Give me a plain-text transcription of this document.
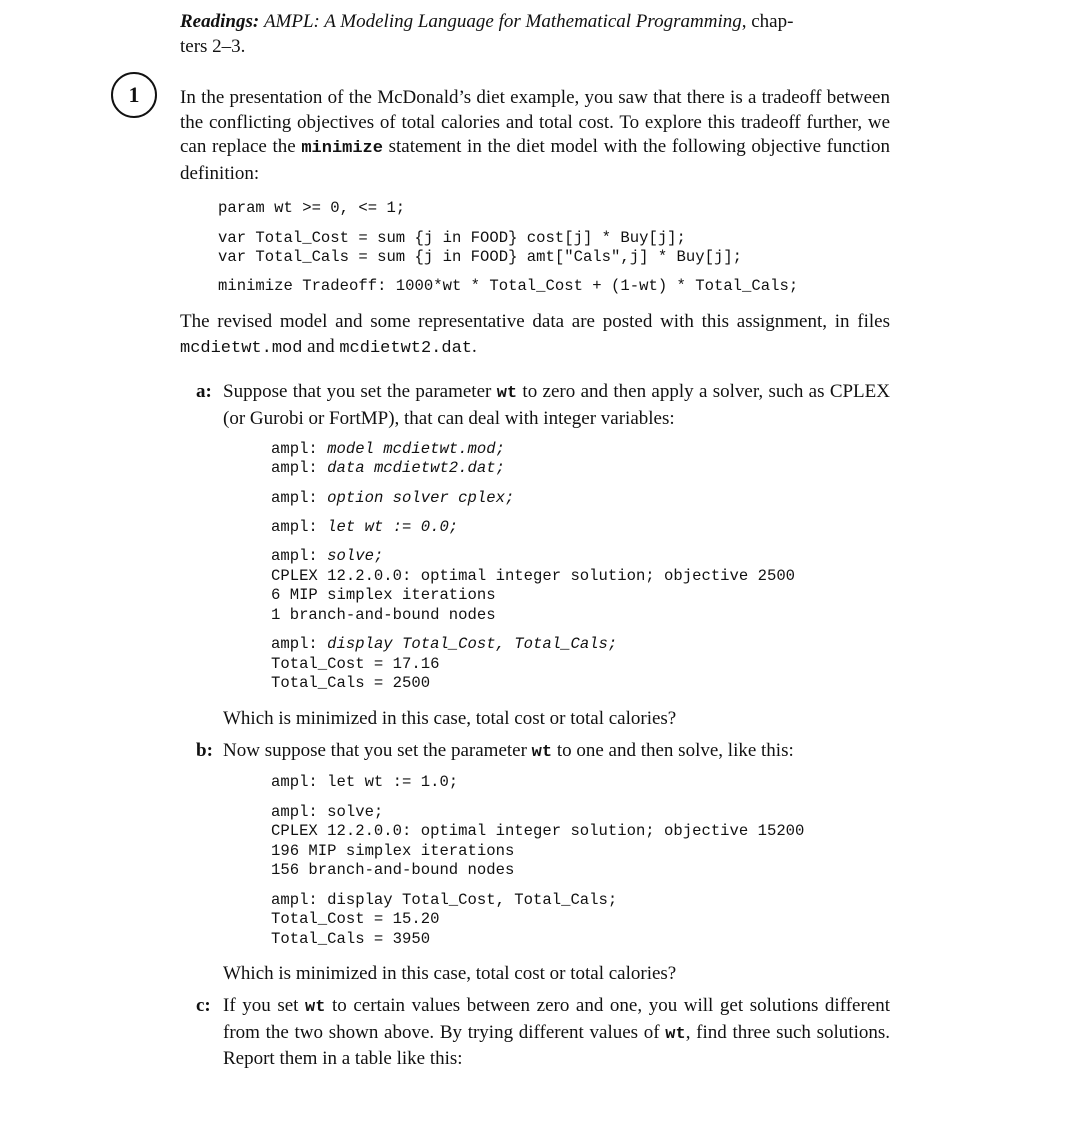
Readings: AMPL: A Modeling Language for Mathematical Programming, chap-
ters 2–3.
1	In the presentation of the McDonald’s diet example, you saw that there is a tradeoff between the conflicting objectives of total calories and total cost. To explore this tradeoff further, we can replace the minimize statement in the diet model with the following objective function definition:
param wt >= 0, <= 1;
var Total_Cost = sum {j in FOOD} cost[j] * Buy[j];
var Total_Cals = sum {j in FOOD} amt["Cals",j] * Buy[j];
minimize Tradeoff: 1000*wt * Total_Cost + (1-wt) * Total_Cals;
The revised model and some representative data are posted with this assignment, in files mcdietwt.mod and mcdietwt2.dat.
a: Suppose that you set the parameter wt to zero and then apply a solver, such as CPLEX (or Gurobi or FortMP), that can deal with integer variables:
ampl: model mcdietwt.mod;
ampl: data mcdietwt2.dat;
ampl: option solver cplex;
ampl: let wt := 0.0;
ampl: solve;
CPLEX 12.2.0.0: optimal integer solution; objective 2500
6 MIP simplex iterations
1 branch-and-bound nodes
ampl: display Total_Cost, Total_Cals;
Total_Cost = 17.16
Total_Cals = 2500
Which is minimized in this case, total cost or total calories?
b: Now suppose that you set the parameter wt to one and then solve, like this:
ampl: let wt := 1.0;
ampl: solve;
CPLEX 12.2.0.0: optimal integer solution; objective 15200
196 MIP simplex iterations
156 branch-and-bound nodes
ampl: display Total_Cost, Total_Cals;
Total_Cost = 15.20
Total_Cals = 3950
Which is minimized in this case, total cost or total calories?
c: If you set wt to certain values between zero and one, you will get solutions different from the two shown above. By trying different values of wt, find three such solutions. Report them in a table like this:
